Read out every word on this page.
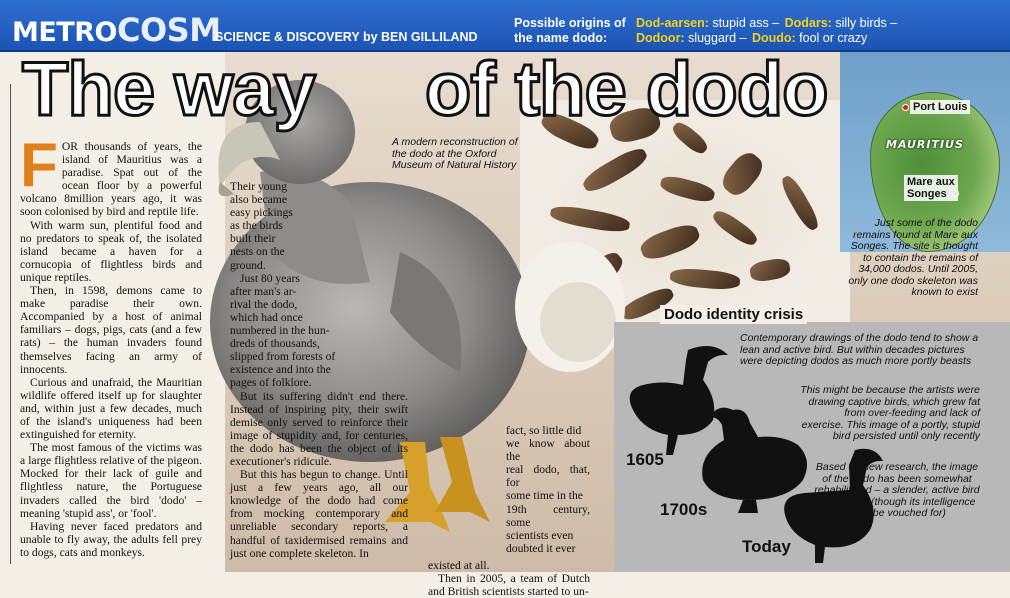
METROCOSM
SCIENCE & DISCOVERY by BEN GILLILAND
Possible origins of the name dodo:
Dod-aarsen: stupid ass – Dodars: silly birds –
Dodoor: sluggard – Doudo: fool or crazy
MAURITIUS
Port Louis
Mare aux
Songes
The way of the dodo
A modern reconstruction of the dodo at the Oxford Museum of Natural History
Just some of the dodo remains found at Mare aux Songes. The site is thought to contain the remains of 34,000 dodos. Until 2005, only one dodo skeleton was known to exist
Dodo identity crisis
Contemporary drawings of the dodo tend to show a lean and active bird. But within decades pictures were depicting dodos as much more portly beasts
This might be because the artists were drawing captive birds, which grew fat from over-feeding and lack of exercise. This image of a portly, stupid bird persisted until only recently
Based on new research, the image of the dodo has been somewhat rehabilitated – a slender, active bird once more (though its intelligence can't be vouched for)
1605
1700s
Today
F OR thousands of years, the island of Mauritius was a paradise. Spat out of the ocean floor by a powerful volcano 8million years ago, it was soon colonised by bird and reptile life.

With warm sun, plentiful food and no predators to speak of, the isolated island became a haven for a cornucopia of flightless birds and unique reptiles.

Then, in 1598, demons came to make paradise their own. Accompanied by a host of animal familiars – dogs, pigs, cats (and a few rats) – the human invaders found themselves facing an army of innocents.

Curious and unafraid, the Mauritian wildlife offered itself up for slaughter and, within just a few decades, much of the island's uniqueness had been extinguished for eternity.

The most famous of the victims was a large flightless relative of the pigeon. Mocked for their lack of guile and flightless nature, the Portuguese invaders called the bird 'dodo' – meaning 'stupid ass', or 'fool'.

Having never faced predators and unable to fly away, the adults fell prey to dogs, cats and monkeys.

Their young
also became
easy pickings
as the birds
built their
nests on the
ground.
Just 80 years
after man's ar-
rival the dodo,
which had once
numbered in the hun-
dreds of thousands,
slipped from forests of
existence and into the
pages of folklore.

But its suffering didn't end there. Instead of inspiring pity, their swift demise only served to reinforce their image of stupidity and, for centuries, the dodo has been the object of its executioner's ridicule.

But this has begun to change. Until just a few years ago, all our knowledge of the dodo had come from mocking contemporary and unreliable secondary reports, a handful of taxidermised remains and just one complete skeleton. In

fact, so little did
we know about the
real dodo, that, for
some time in the
19th century, some
scientists even
doubted it ever

existed at all.

Then in 2005, a team of Dutch and British scientists started to un-
